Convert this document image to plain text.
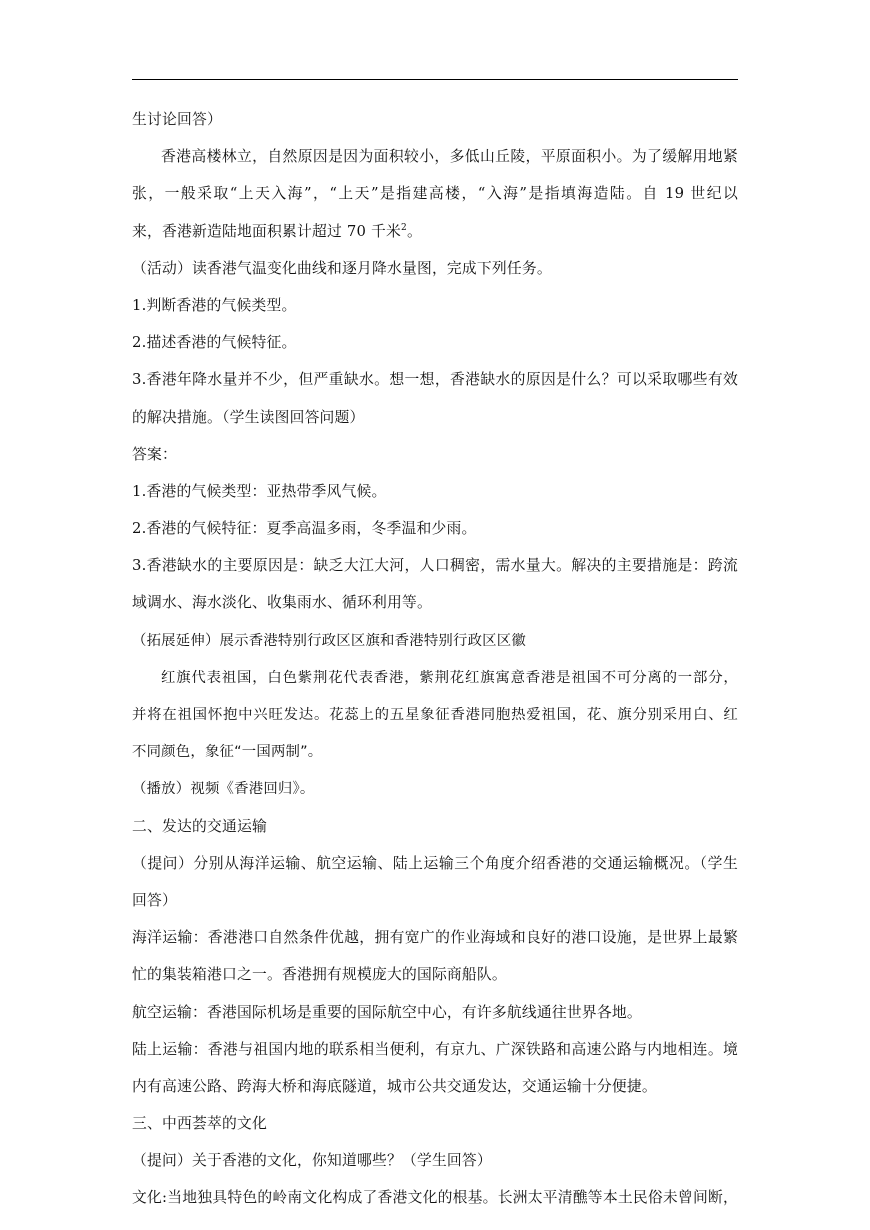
生讨论回答）
香港高楼林立，自然原因是因为面积较小，多低山丘陵，平原面积小。为了缓解用地紧
张，一般采取“上天入海”，“上天”是指建高楼，“入海”是指填海造陆。自 19 世纪以
来，香港新造陆地面积累计超过 70 千米$^2$。
（活动）读香港气温变化曲线和逐月降水量图，完成下列任务。
1.判断香港的气候类型。
2.描述香港的气候特征。
3.香港年降水量并不少，但严重缺水。想一想，香港缺水的原因是什么？可以采取哪些有效
的解决措施。（学生读图回答问题）
答案：
1.香港的气候类型：亚热带季风气候。
2.香港的气候特征：夏季高温多雨，冬季温和少雨。
3.香港缺水的主要原因是：缺乏大江大河，人口稠密，需水量大。解决的主要措施是：跨流
域调水、海水淡化、收集雨水、循环利用等。
（拓展延伸）展示香港特别行政区区旗和香港特别行政区区徽
红旗代表祖国，白色紫荆花代表香港，紫荆花红旗寓意香港是祖国不可分离的一部分，
并将在祖国怀抱中兴旺发达。花蕊上的五星象征香港同胞热爱祖国，花、旗分别采用白、红
不同颜色，象征“一国两制”。
（播放）视频《香港回归》。
二、发达的交通运输
（提问）分别从海洋运输、航空运输、陆上运输三个角度介绍香港的交通运输概况。（学生
回答）
海洋运输：香港港口自然条件优越，拥有宽广的作业海域和良好的港口设施，是世界上最繁
忙的集装箱港口之一。香港拥有规模庞大的国际商船队。
航空运输：香港国际机场是重要的国际航空中心，有许多航线通往世界各地。
陆上运输：香港与祖国内地的联系相当便利，有京九、广深铁路和高速公路与内地相连。境
内有高速公路、跨海大桥和海底隧道，城市公共交通发达，交通运输十分便捷。
三、中西荟萃的文化
（提问）关于香港的文化，你知道哪些？（学生回答）
文化:当地独具特色的岭南文化构成了香港文化的根基。长洲太平清醮等本土民俗未曾间断，
